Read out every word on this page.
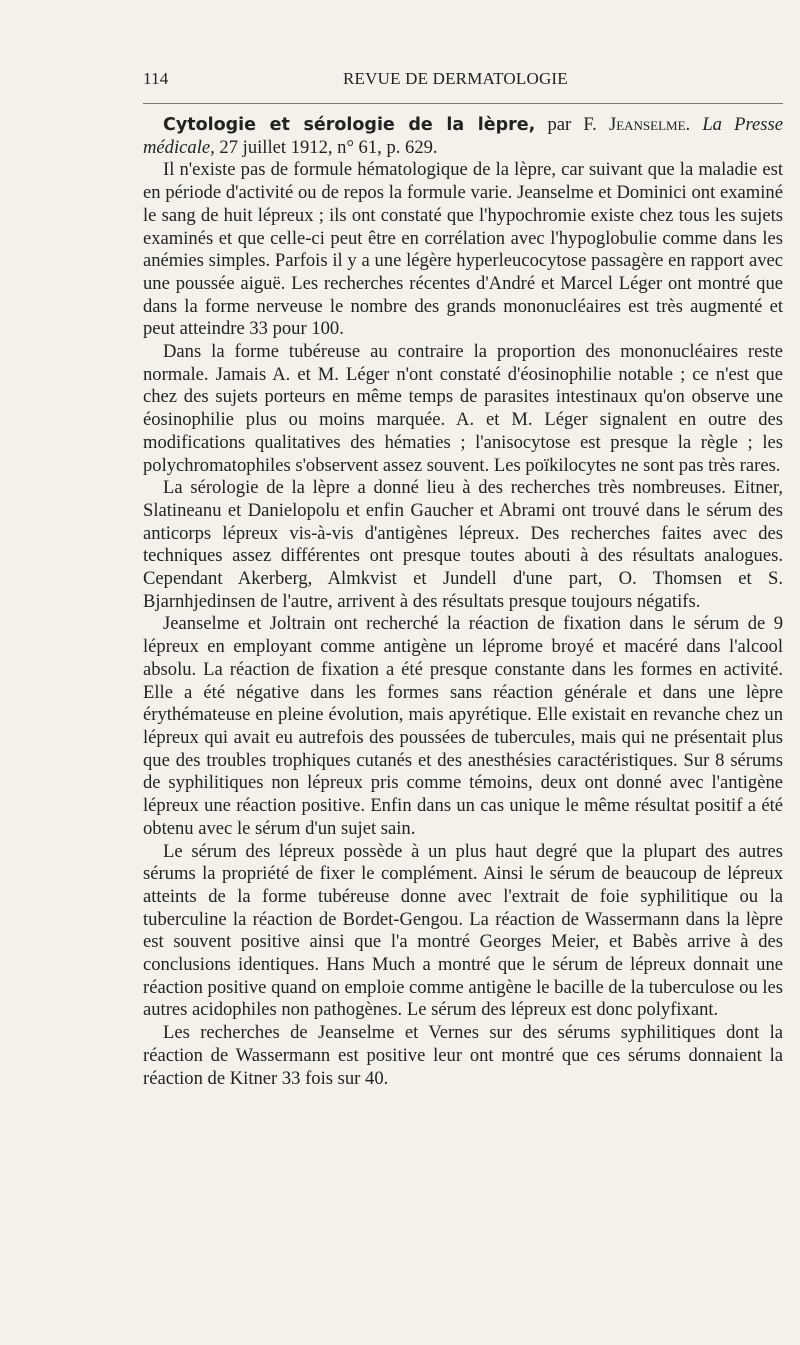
114	REVUE DE DERMATOLOGIE

Cytologie et sérologie de la lèpre, par F. Jeanselme. La Presse médicale, 27 juillet 1912, n° 61, p. 629.

Il n'existe pas de formule hématologique de la lèpre, car suivant que la maladie est en période d'activité ou de repos la formule varie. Jeanselme et Dominici ont examiné le sang de huit lépreux ; ils ont constaté que l'hypochromie existe chez tous les sujets examinés et que celle-ci peut être en corrélation avec l'hypoglobulie comme dans les anémies simples. Parfois il y a une légère hyperleucocytose passagère en rapport avec une poussée aiguë. Les recherches récentes d'André et Marcel Léger ont montré que dans la forme nerveuse le nombre des grands mononucléaires est très augmenté et peut atteindre 33 pour 100.

Dans la forme tubéreuse au contraire la proportion des mononucléaires reste normale. Jamais A. et M. Léger n'ont constaté d'éosinophilie notable ; ce n'est que chez des sujets porteurs en même temps de parasites intestinaux qu'on observe une éosinophilie plus ou moins marquée. A. et M. Léger signalent en outre des modifications qualitatives des hématies ; l'anisocytose est presque la règle ; les polychromatophiles s'observent assez souvent. Les poïkilocytes ne sont pas très rares.

La sérologie de la lèpre a donné lieu à des recherches très nombreuses. Eitner, Slatineanu et Danielopolu et enfin Gaucher et Abrami ont trouvé dans le sérum des anticorps lépreux vis-à-vis d'antigènes lépreux. Des recherches faites avec des techniques assez différentes ont presque toutes abouti à des résultats analogues. Cependant Akerberg, Almkvist et Jundell d'une part, O. Thomsen et S. Bjarnhjedinsen de l'autre, arrivent à des résultats presque toujours négatifs.

Jeanselme et Joltrain ont recherché la réaction de fixation dans le sérum de 9 lépreux en employant comme antigène un léprome broyé et macéré dans l'alcool absolu. La réaction de fixation a été presque constante dans les formes en activité. Elle a été négative dans les formes sans réaction générale et dans une lèpre érythémateuse en pleine évolution, mais apyrétique. Elle existait en revanche chez un lépreux qui avait eu autrefois des poussées de tubercules, mais qui ne présentait plus que des troubles trophiques cutanés et des anesthésies caractéristiques. Sur 8 sérums de syphilitiques non lépreux pris comme témoins, deux ont donné avec l'antigène lépreux une réaction positive. Enfin dans un cas unique le même résultat positif a été obtenu avec le sérum d'un sujet sain.

Le sérum des lépreux possède à un plus haut degré que la plupart des autres sérums la propriété de fixer le complément. Ainsi le sérum de beaucoup de lépreux atteints de la forme tubéreuse donne avec l'extrait de foie syphilitique ou la tuberculine la réaction de Bordet-Gengou. La réaction de Wassermann dans la lèpre est souvent positive ainsi que l'a montré Georges Meier, et Babès arrive à des conclusions identiques. Hans Much a montré que le sérum de lépreux donnait une réaction positive quand on emploie comme antigène le bacille de la tuberculose ou les autres acidophiles non pathogènes. Le sérum des lépreux est donc polyfixant.

Les recherches de Jeanselme et Vernes sur des sérums syphilitiques dont la réaction de Wassermann est positive leur ont montré que ces sérums donnaient la réaction de Kitner 33 fois sur 40.
